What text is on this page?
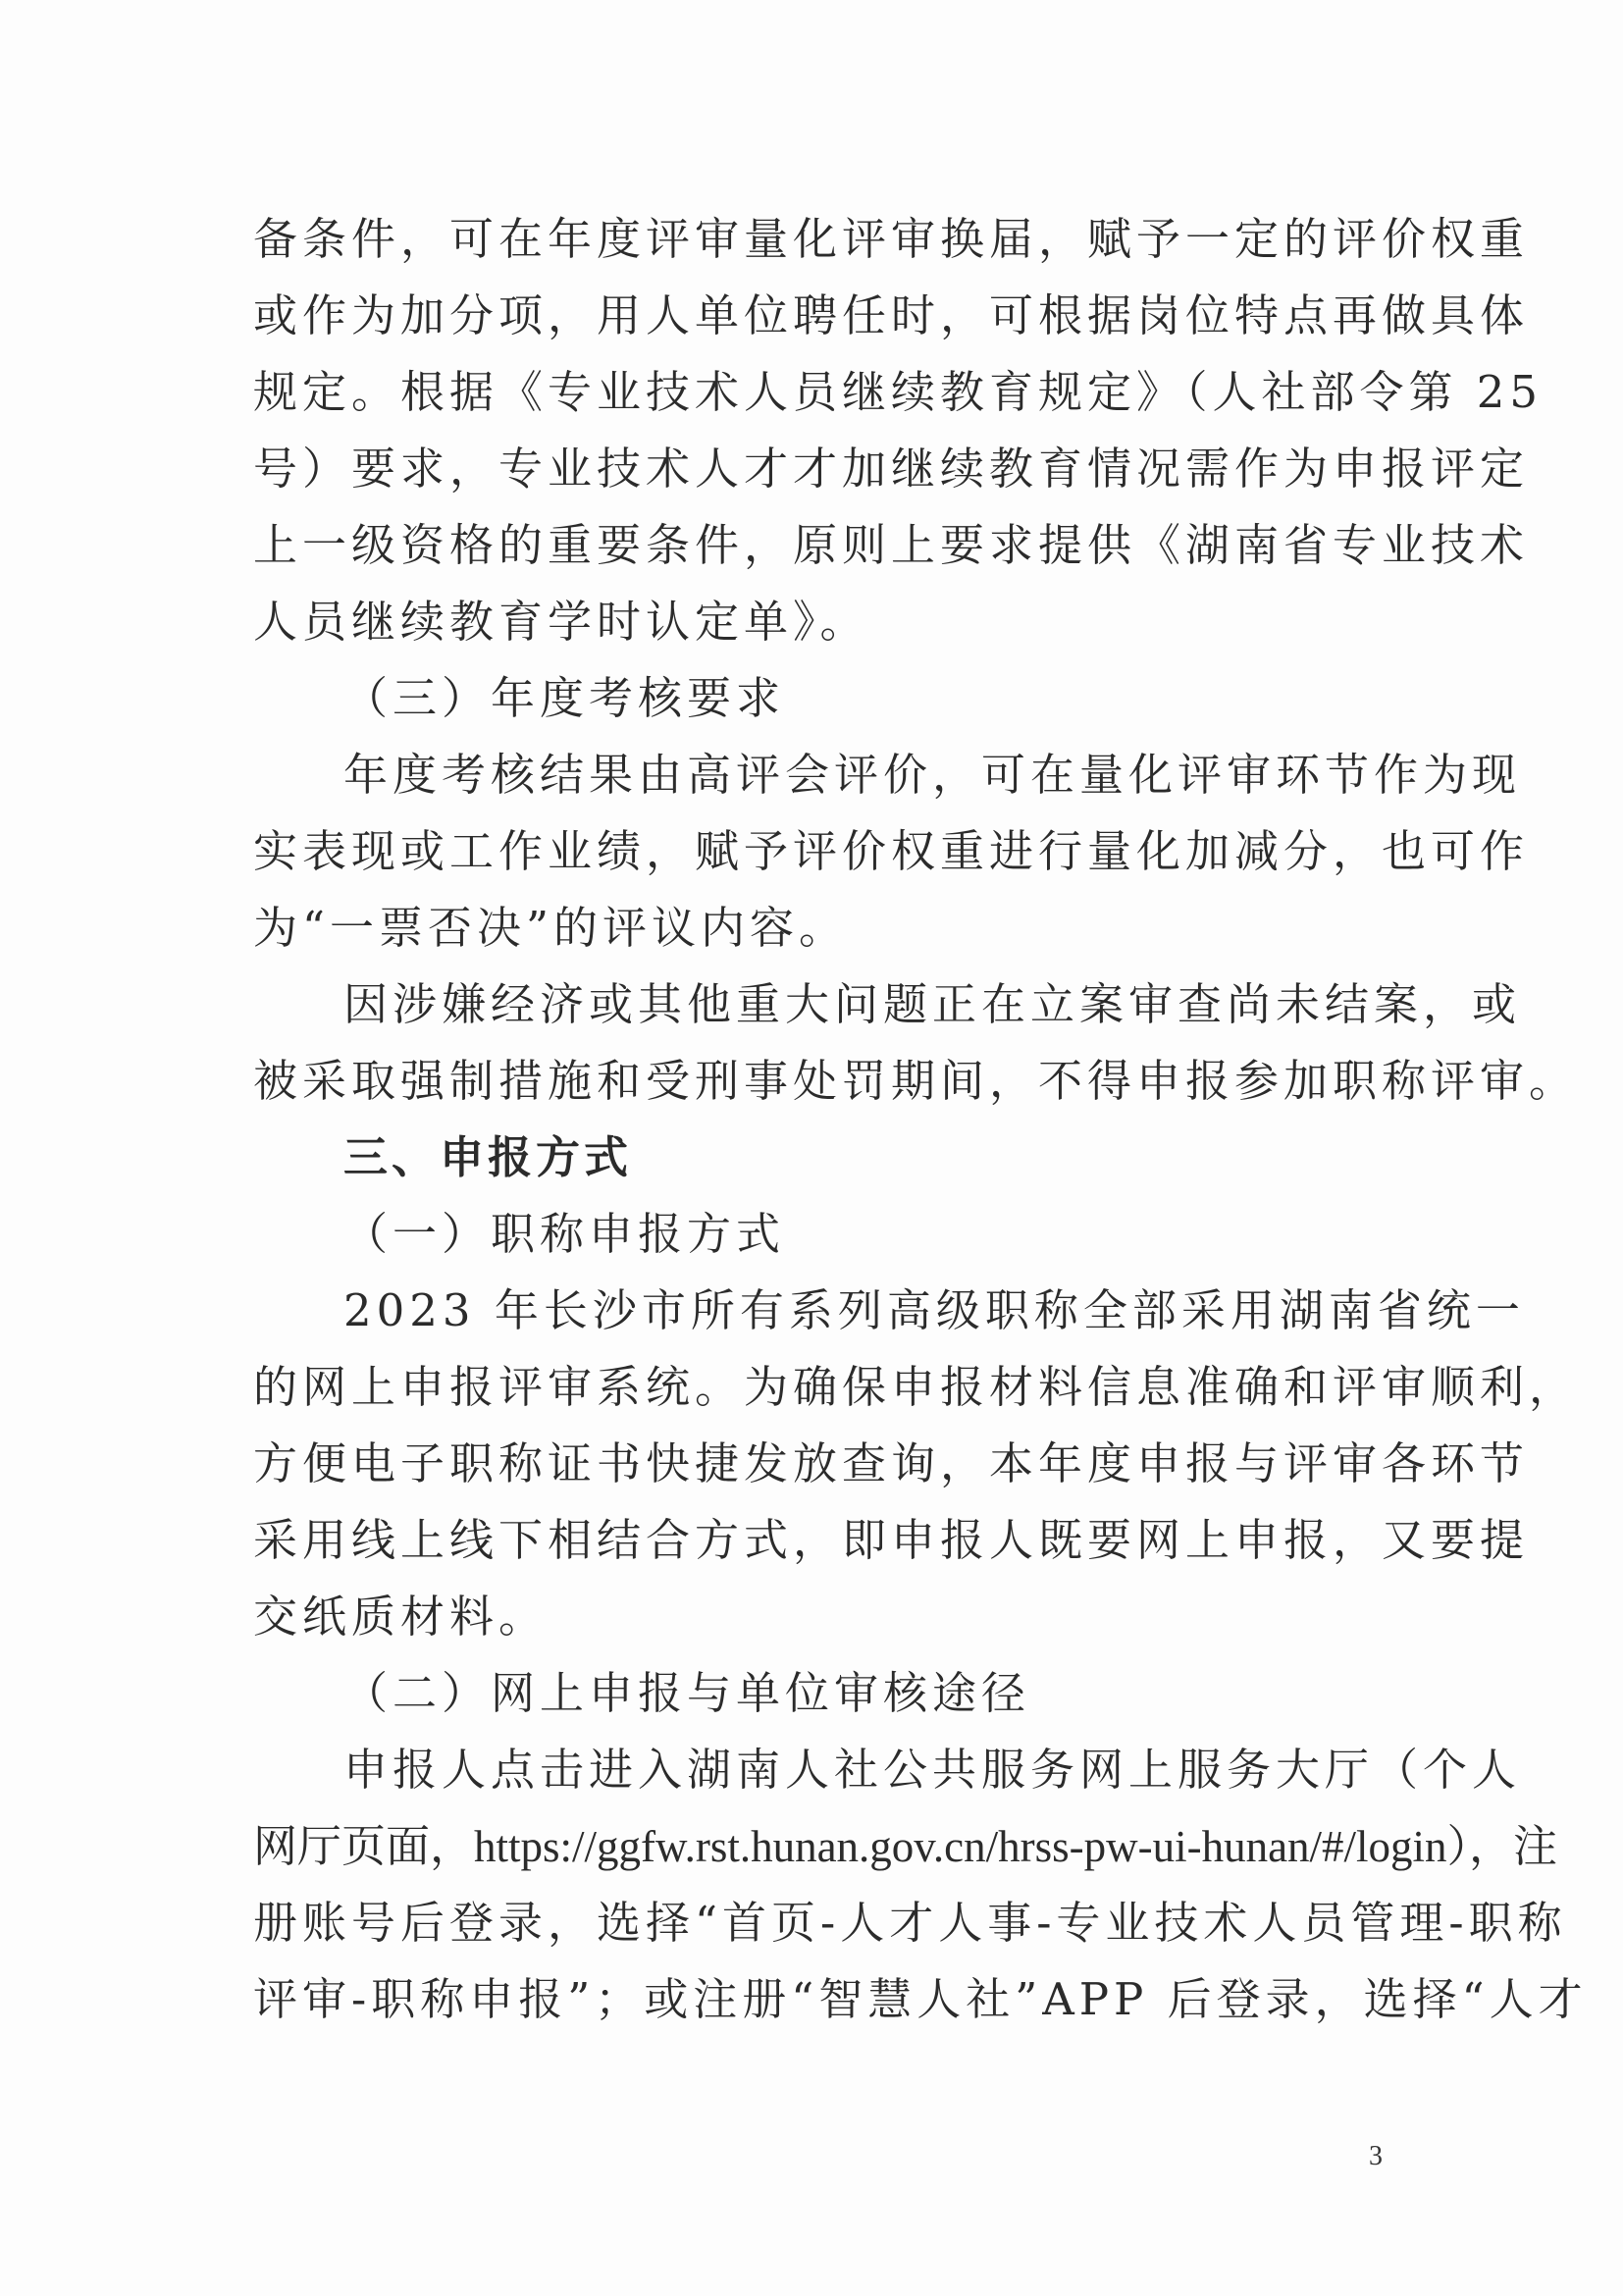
备条件，可在年度评审量化评审换届，赋予一定的评价权重
或作为加分项，用人单位聘任时，可根据岗位特点再做具体
规定。根据《专业技术人员继续教育规定》（人社部令第 25
号）要求，专业技术人才才加继续教育情况需作为申报评定
上一级资格的重要条件，原则上要求提供《湖南省专业技术
人员继续教育学时认定单》。
（三）年度考核要求
年度考核结果由高评会评价，可在量化评审环节作为现
实表现或工作业绩，赋予评价权重进行量化加减分，也可作
为“一票否决”的评议内容。
因涉嫌经济或其他重大问题正在立案审查尚未结案，或
被采取强制措施和受刑事处罚期间，不得申报参加职称评审。
三、申报方式
（一）职称申报方式
2023 年长沙市所有系列高级职称全部采用湖南省统一
的网上申报评审系统。为确保申报材料信息准确和评审顺利，
方便电子职称证书快捷发放查询，本年度申报与评审各环节
采用线上线下相结合方式，即申报人既要网上申报，又要提
交纸质材料。
（二）网上申报与单位审核途径
申报人点击进入湖南人社公共服务网上服务大厅（个人
网厅页面，https://ggfw.rst.hunan.gov.cn/hrss-pw-ui-hunan/#/login），注
册账号后登录，选择“首页-人才人事-专业技术人员管理-职称
评审-职称申报”；或注册“智慧人社”APP 后登录，选择“人才
3
